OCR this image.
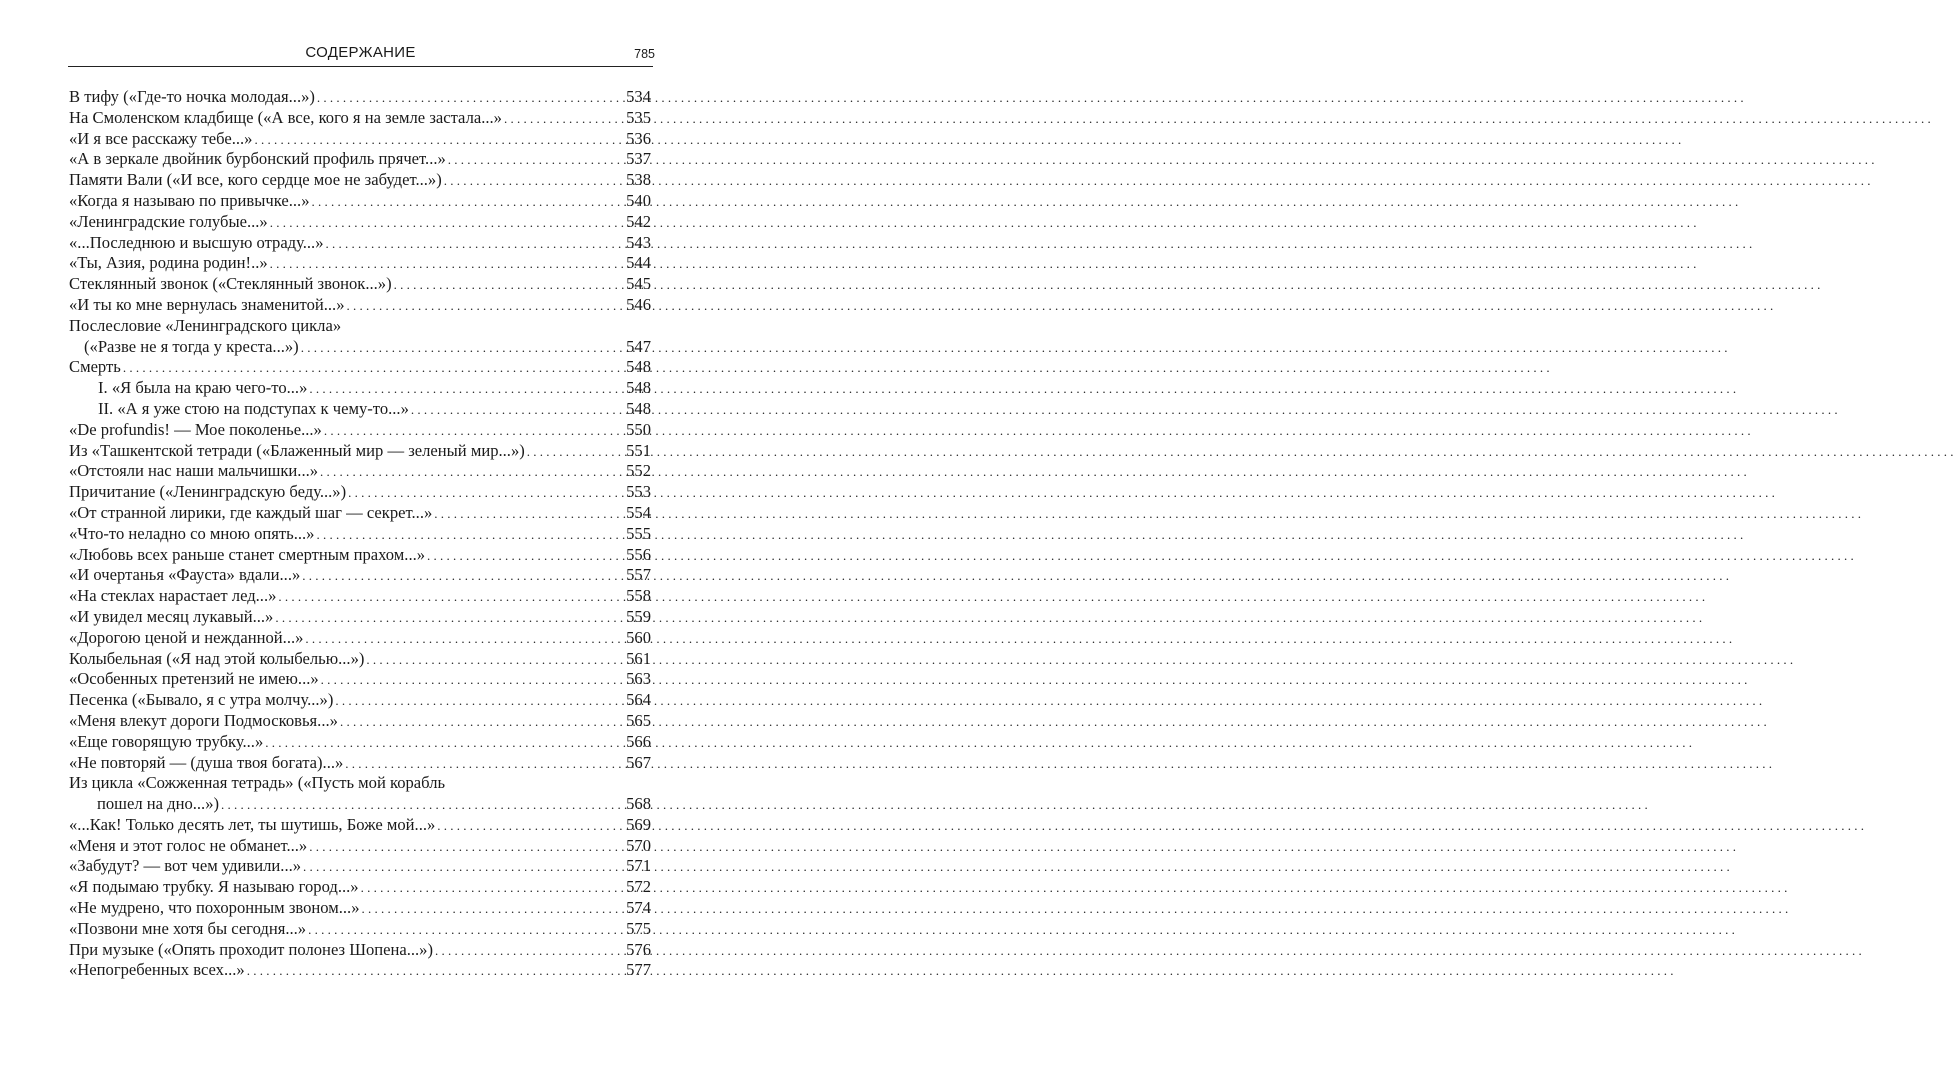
СОДЕРЖАНИЕ	785
В тифу («Где-то ночка молодая...») . . .	534
На Смоленском кладбище («А все, кого я на земле застала...» . . .	535
«И я все расскажу тебе...» . . .	536
«А в зеркале двойник бурбонский профиль прячет...» . . .	537
Памяти Вали («И все, кого сердце мое не забудет...») . . .	538
«Когда я называю по привычке...» . . .	540
«Ленинградские голубые...» . . .	542
«...Последнюю и высшую отраду...» . . .	543
«Ты, Азия, родина родин!..» . . .	544
Стеклянный звонок («Стеклянный звонок...») . . .	545
«И ты ко мне вернулась знаменитой...» . . .	546
Послесловие «Ленинградского цикла»
(«Разве не я тогда у креста...») . . .	547
Смерть . . .	548
I. «Я была на краю чего-то...» . . .	548
II. «А я уже стою на подступах к чему-то...» . . .	548
«De profundis! — Мое поколенье...» . . .	550
Из «Ташкентской тетради («Блаженный мир — зеленый мир...») . . .	551
«Отстояли нас наши мальчишки...» . . .	552
Причитание («Ленинградскую беду...») . . .	553
«От странной лирики, где каждый шаг — секрет...» . . .	554
«Что-то неладно со мною опять...» . . .	555
«Любовь всех раньше станет смертным прахом...» . . .	556
«И очертанья «Фауста» вдали...» . . .	557
«На стеклах нарастает лед...» . . .	558
«И увидел месяц лукавый...» . . .	559
«Дорогою ценой и нежданной...» . . .	560
Колыбельная («Я над этой колыбелью...») . . .	561
«Особенных претензий не имею...» . . .	563
Песенка («Бывало, я с утра молчу...») . . .	564
«Меня влекут дороги Подмосковья...» . . .	565
«Еще говорящую трубку...» . . .	566
«Не повторяй — (душа твоя богата)...» . . .	567
Из цикла «Сожженная тетрадь» («Пусть мой корабль
пошел на дно...») . . .	568
«...Как! Только десять лет, ты шутишь, Боже мой...» . . .	569
«Меня и этот голос не обманет...» . . .	570
«Забудут? — вот чем удивили...» . . .	571
«Я подымаю трубку. Я называю город...» . . .	572
«Не мудрено, что похоронным звоном...» . . .	574
«Позвони мне хотя бы сегодня...» . . .	575
При музыке («Опять проходит полонез Шопена...») . . .	576
«Непогребенных всех...» . . .	577
